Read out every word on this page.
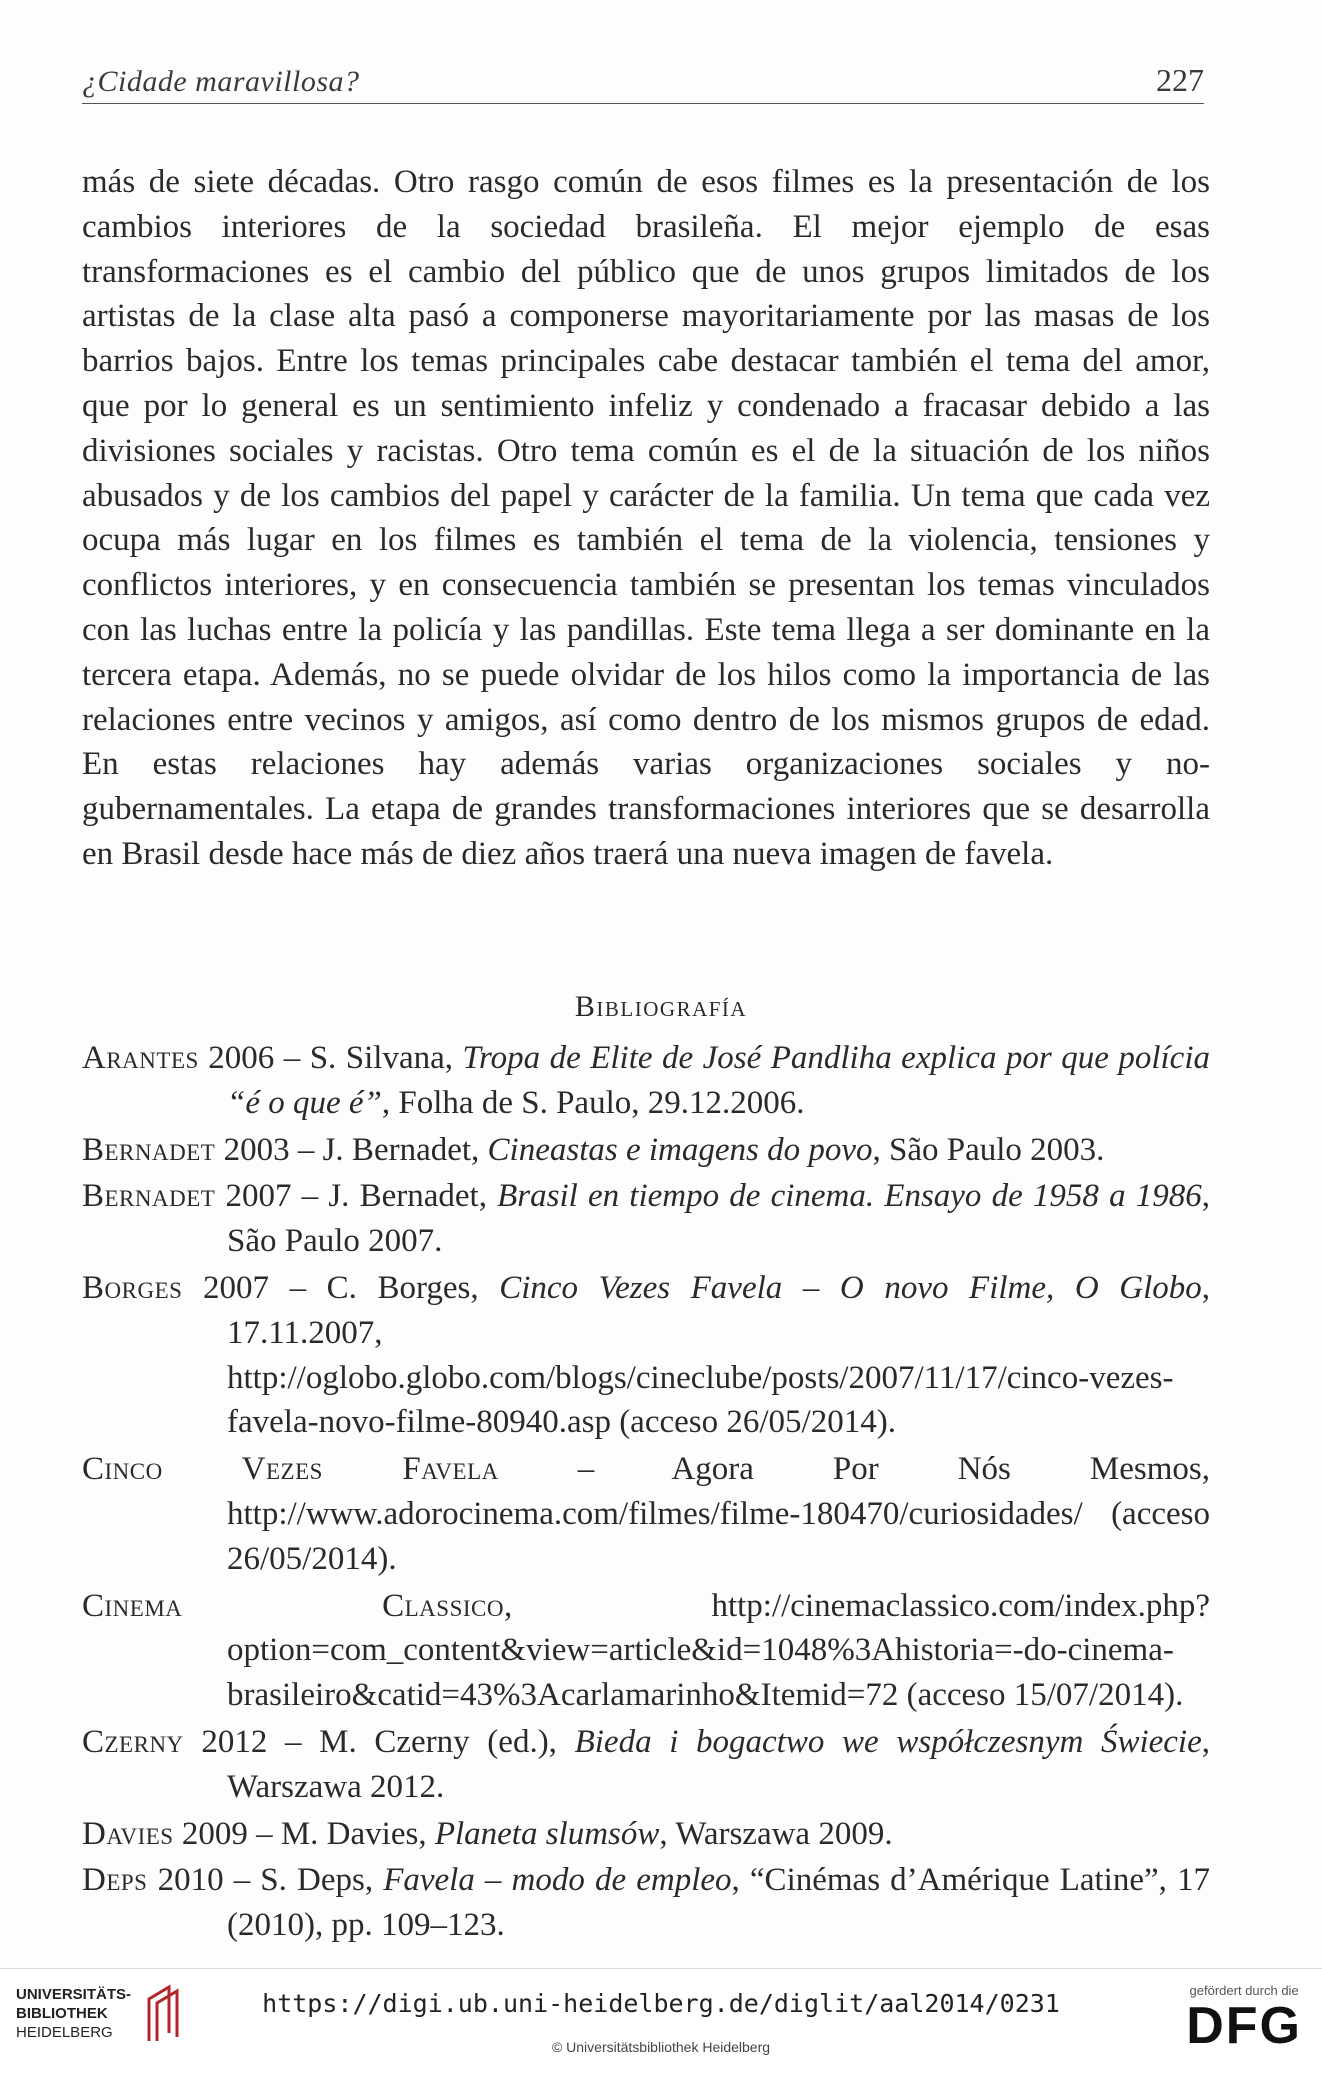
¿Cidade maravillosa?	227

más de siete décadas. Otro rasgo común de esos filmes es la presentación de los cambios interiores de la sociedad brasileña. El mejor ejemplo de esas transformaciones es el cambio del público que de unos grupos limitados de los artistas de la clase alta pasó a componerse mayoritariamente por las masas de los barrios bajos. Entre los temas principales cabe destacar también el tema del amor, que por lo general es un sentimiento infeliz y condenado a fracasar debido a las divisiones sociales y racistas. Otro tema común es el de la situación de los niños abusados y de los cambios del papel y carácter de la familia. Un tema que cada vez ocupa más lugar en los filmes es también el tema de la violencia, tensiones y conflictos interiores, y en consecuencia también se presentan los temas vinculados con las luchas entre la policía y las pandillas. Este tema llega a ser dominante en la tercera etapa. Además, no se puede olvidar de los hilos como la importancia de las relaciones entre vecinos y amigos, así como dentro de los mismos grupos de edad. En estas relaciones hay además varias organizaciones sociales y no-gubernamentales. La etapa de grandes transformaciones interiores que se desarrolla en Brasil desde hace más de diez años traerá una nueva imagen de favela.

Bibliografía
Arantes 2006 – S. Silvana, Tropa de Elite de José Pandliha explica por que polícia “é o que é”, Folha de S. Paulo, 29.12.2006.
Bernadet 2003 – J. Bernadet, Cineastas e imagens do povo, São Paulo 2003.
Bernadet 2007 – J. Bernadet, Brasil en tiempo de cinema. Ensayo de 1958 a 1986, São Paulo 2007.
Borges 2007 – C. Borges, Cinco Vezes Favela – O novo Filme, O Globo, 17.11.2007, http://oglobo.globo.com/blogs/cineclube/posts/2007/11/17/cinco-vezes-favela-novo-filme-80940.asp (acceso 26/05/2014).
Cinco Vezes Favela – Agora Por Nós Mesmos, http://www.adorocinema.com/filmes/filme-180470/curiosidades/ (acceso 26/05/2014).
Cinema Classico, http://cinemaclassico.com/index.php?option=com_content&view=article&id=1048%3Ahistoria=-do-cinema-brasileiro&catid=43%3Acarlamarinho&Itemid=72 (acceso 15/07/2014).
Czerny 2012 – M. Czerny (ed.), Bieda i bogactwo we współczesnym Świecie, Warszawa 2012.
Davies 2009 – M. Davies, Planeta slumsów, Warszawa 2009.
Deps 2010 – S. Deps, Favela – modo de empleo, “Cinémas d’Amérique Latine”, 17 (2010), pp. 109–123.
UNIVERSITÄTS-
BIBLIOTHEK
HEIDELBERG
https://digi.ub.uni-heidelberg.de/diglit/aal2014/0231
© Universitätsbibliothek Heidelberg
gefördert durch die
DFG
